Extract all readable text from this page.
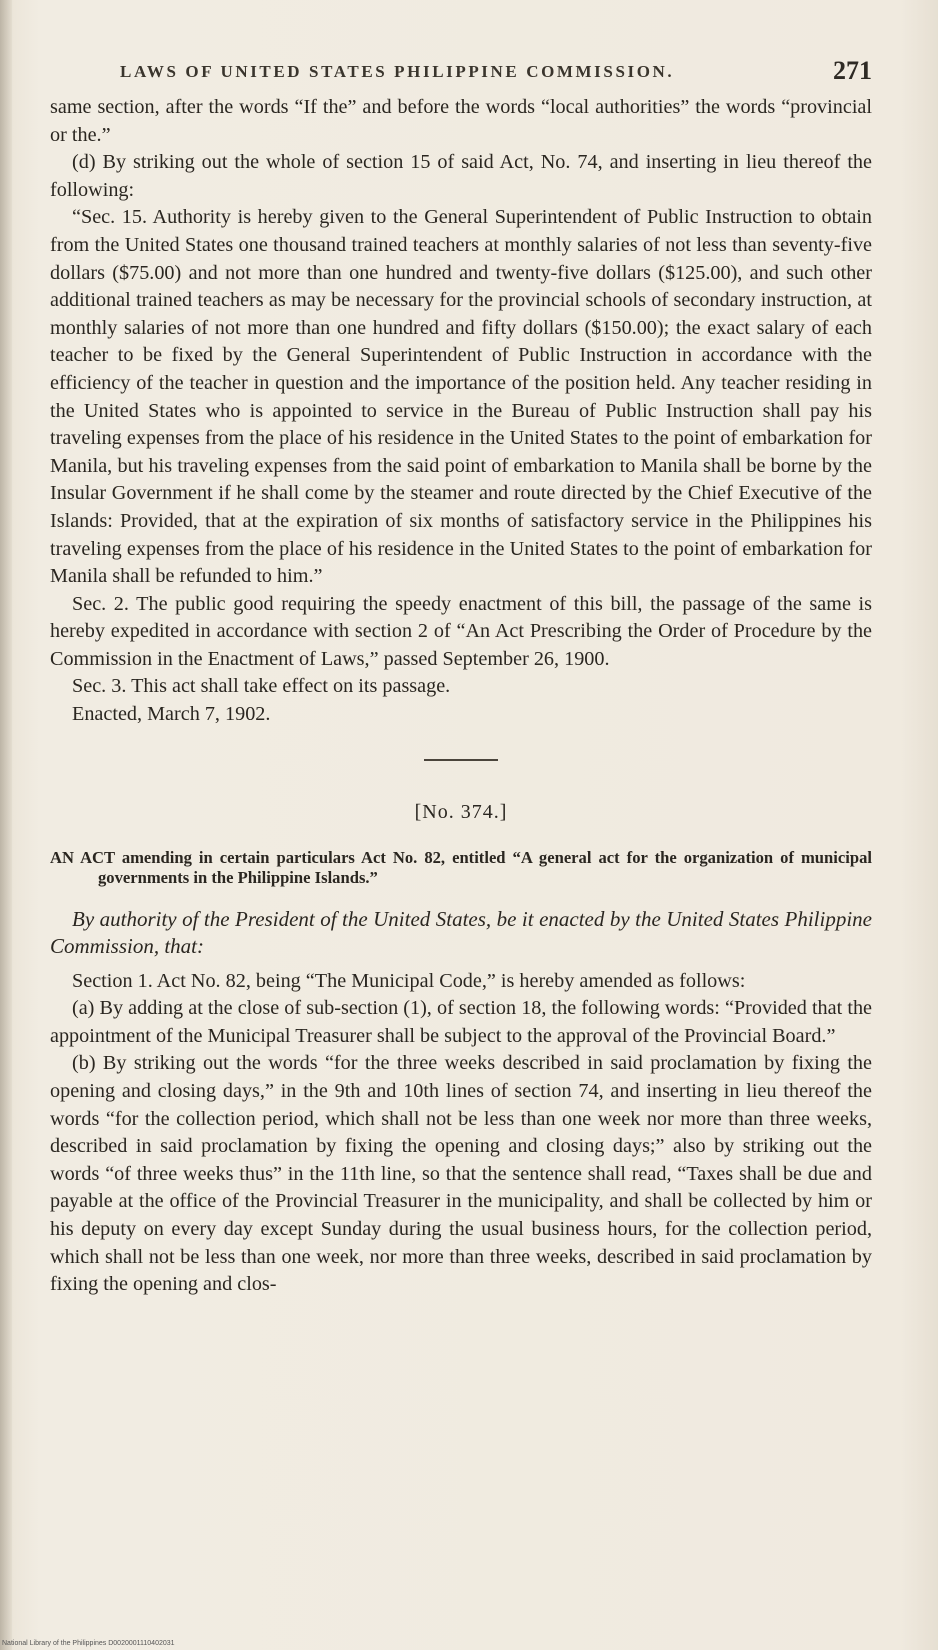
LAWS OF UNITED STATES PHILIPPINE COMMISSION.	271

same section, after the words “If the” and before the words “local authorities” the words “provincial or the.”

(d) By striking out the whole of section 15 of said Act, No. 74, and inserting in lieu thereof the following:

“Sec. 15. Authority is hereby given to the General Superintendent of Public Instruction to obtain from the United States one thousand trained teachers at monthly salaries of not less than seventy-five dollars ($75.00) and not more than one hundred and twenty-five dollars ($125.00), and such other additional trained teachers as may be necessary for the provincial schools of secondary instruction, at monthly salaries of not more than one hundred and fifty dollars ($150.00); the exact salary of each teacher to be fixed by the General Superintendent of Public Instruction in accordance with the efficiency of the teacher in question and the importance of the position held. Any teacher residing in the United States who is appointed to service in the Bureau of Public Instruction shall pay his traveling expenses from the place of his residence in the United States to the point of embarkation for Manila, but his traveling expenses from the said point of embarkation to Manila shall be borne by the Insular Government if he shall come by the steamer and route directed by the Chief Executive of the Islands: Provided, that at the expiration of six months of satisfactory service in the Philippines his traveling expenses from the place of his residence in the United States to the point of embarkation for Manila shall be refunded to him.”

Sec. 2. The public good requiring the speedy enactment of this bill, the passage of the same is hereby expedited in accordance with section 2 of “An Act Prescribing the Order of Procedure by the Commission in the Enactment of Laws,” passed September 26, 1900.

Sec. 3. This act shall take effect on its passage.

Enacted, March 7, 1902.

[No. 374.]
AN ACT amending in certain particulars Act No. 82, entitled “A general act for the organization of municipal governments in the Philippine Islands.”
By authority of the President of the United States, be it enacted by the United States Philippine Commission, that:

Section 1. Act No. 82, being “The Municipal Code,” is hereby amended as follows:

(a) By adding at the close of sub-section (1), of section 18, the following words: “Provided that the appointment of the Municipal Treasurer shall be subject to the approval of the Provincial Board.”

(b) By striking out the words “for the three weeks described in said proclamation by fixing the opening and closing days,” in the 9th and 10th lines of section 74, and inserting in lieu thereof the words “for the collection period, which shall not be less than one week nor more than three weeks, described in said proclamation by fixing the opening and closing days;” also by striking out the words “of three weeks thus” in the 11th line, so that the sentence shall read, “Taxes shall be due and payable at the office of the Provincial Treasurer in the municipality, and shall be collected by him or his deputy on every day except Sunday during the usual business hours, for the collection period, which shall not be less than one week, nor more than three weeks, described in said proclamation by fixing the opening and clos-

National Library of the Philippines D0020001110402031
